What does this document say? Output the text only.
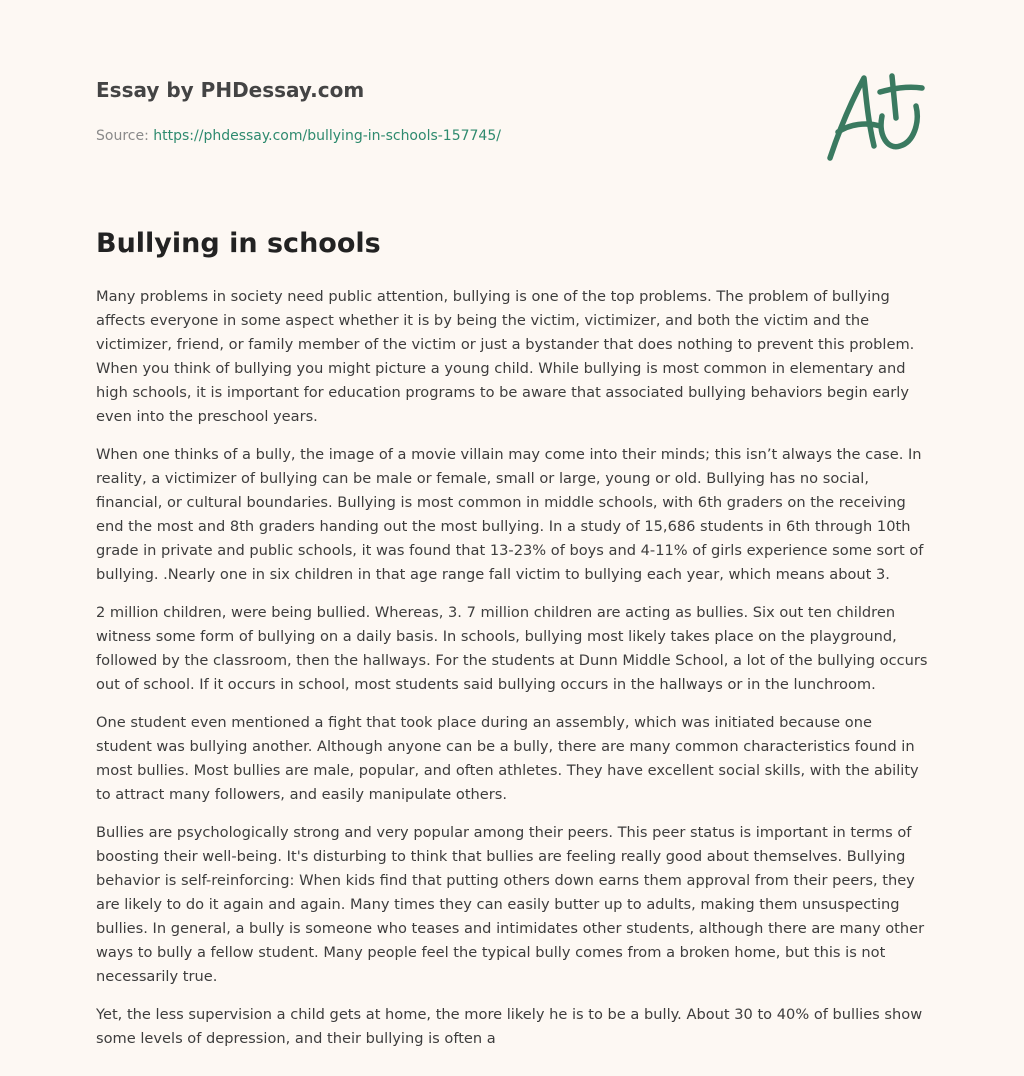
Essay by PHDessay.com
Source: https://phdessay.com/bullying-in-schools-157745/
Bullying in schools

Many problems in society need public attention, bullying is one of the top problems. The problem of bullying affects everyone in some aspect whether it is by being the victim, victimizer, and both the victim and the victimizer, friend, or family member of the victim or just a bystander that does nothing to prevent this problem. When you think of bullying you might picture a young child. While bullying is most common in elementary and high schools, it is important for education programs to be aware that associated bullying behaviors begin early even into the preschool years.

When one thinks of a bully, the image of a movie villain may come into their minds; this isn’t always the case. In reality, a victimizer of bullying can be male or female, small or large, young or old. Bullying has no social, financial, or cultural boundaries. Bullying is most common in middle schools, with 6th graders on the receiving end the most and 8th graders handing out the most bullying. In a study of 15,686 students in 6th through 10th grade in private and public schools, it was found that 13-23% of boys and 4-11% of girls experience some sort of bullying. .Nearly one in six children in that age range fall victim to bullying each year, which means about 3.

2 million children, were being bullied. Whereas, 3. 7 million children are acting as bullies. Six out ten children witness some form of bullying on a daily basis. In schools, bullying most likely takes place on the playground, followed by the classroom, then the hallways. For the students at Dunn Middle School, a lot of the bullying occurs out of school. If it occurs in school, most students said bullying occurs in the hallways or in the lunchroom.

One student even mentioned a fight that took place during an assembly, which was initiated because one student was bullying another. Although anyone can be a bully, there are many common characteristics found in most bullies. Most bullies are male, popular, and often athletes. They have excellent social skills, with the ability to attract many followers, and easily manipulate others.

Bullies are psychologically strong and very popular among their peers. This peer status is important in terms of boosting their well-being. It's disturbing to think that bullies are feeling really good about themselves. Bullying behavior is self-reinforcing: When kids find that putting others down earns them approval from their peers, they are likely to do it again and again. Many times they can easily butter up to adults, making them unsuspecting bullies. In general, a bully is someone who teases and intimidates other students, although there are many other ways to bully a fellow student. Many people feel the typical bully comes from a broken home, but this is not necessarily true.

Yet, the less supervision a child gets at home, the more likely he is to be a bully. About 30 to 40% of bullies show some levels of depression, and their bullying is often a
